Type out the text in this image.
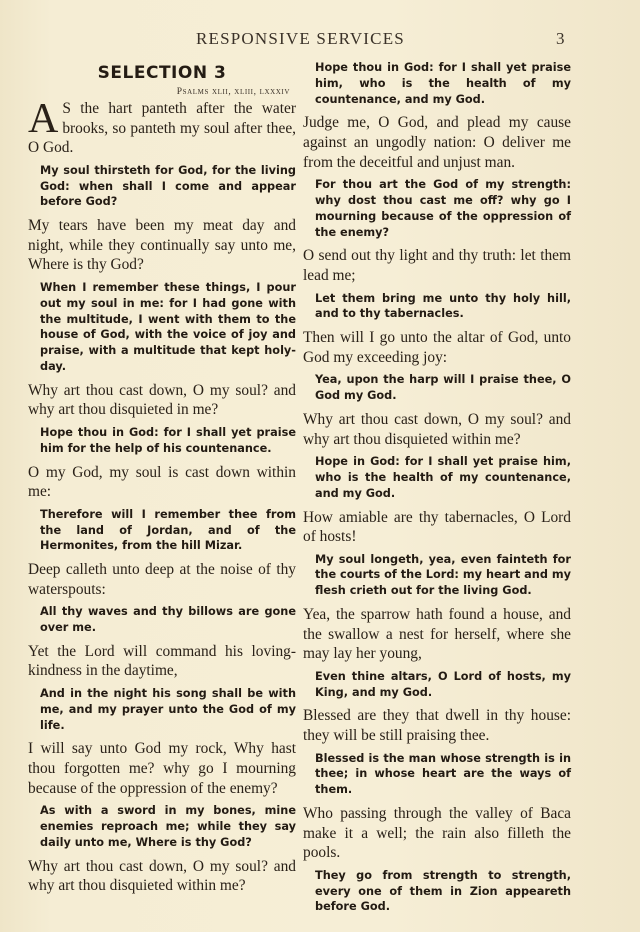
RESPONSIVE SERVICES	3
SELECTION 3
Psalms xlii, xliii, lxxxiv

A S the hart panteth after the water brooks, so panteth my soul after thee, O God.

My soul thirsteth for God, for the living God: when shall I come and appear before God?

My tears have been my meat day and night, while they continually say unto me, Where is thy God?

When I remember these things, I pour out my soul in me: for I had gone with the multitude, I went with them to the house of God, with the voice of joy and praise, with a multitude that kept holy-day.

Why art thou cast down, O my soul? and why art thou disquieted in me?

Hope thou in God: for I shall yet praise him for the help of his countenance.

O my God, my soul is cast down within me:

Therefore will I remember thee from the land of Jordan, and of the Hermonites, from the hill Mizar.

Deep calleth unto deep at the noise of thy waterspouts:

All thy waves and thy billows are gone over me.

Yet the Lord will command his loving-kindness in the daytime,

And in the night his song shall be with me, and my prayer unto the God of my life.

I will say unto God my rock, Why hast thou forgotten me? why go I mourning because of the oppression of the enemy?

As with a sword in my bones, mine enemies reproach me; while they say daily unto me, Where is thy God?

Why art thou cast down, O my soul? and why art thou disquieted within me?

Hope thou in God: for I shall yet praise him, who is the health of my countenance, and my God.

Judge me, O God, and plead my cause against an ungodly nation: O deliver me from the deceitful and unjust man.

For thou art the God of my strength: why dost thou cast me off? why go I mourning because of the oppression of the enemy?

O send out thy light and thy truth: let them lead me;

Let them bring me unto thy holy hill, and to thy tabernacles.

Then will I go unto the altar of God, unto God my exceeding joy:

Yea, upon the harp will I praise thee, O God my God.

Why art thou cast down, O my soul? and why art thou disquieted within me?

Hope in God: for I shall yet praise him, who is the health of my countenance, and my God.

How amiable are thy tabernacles, O Lord of hosts!

My soul longeth, yea, even fainteth for the courts of the Lord: my heart and my flesh crieth out for the living God.

Yea, the sparrow hath found a house, and the swallow a nest for herself, where she may lay her young,

Even thine altars, O Lord of hosts, my King, and my God.

Blessed are they that dwell in thy house: they will be still praising thee.

Blessed is the man whose strength is in thee; in whose heart are the ways of them.

Who passing through the valley of Baca make it a well; the rain also filleth the pools.

They go from strength to strength, every one of them in Zion appeareth before God.
